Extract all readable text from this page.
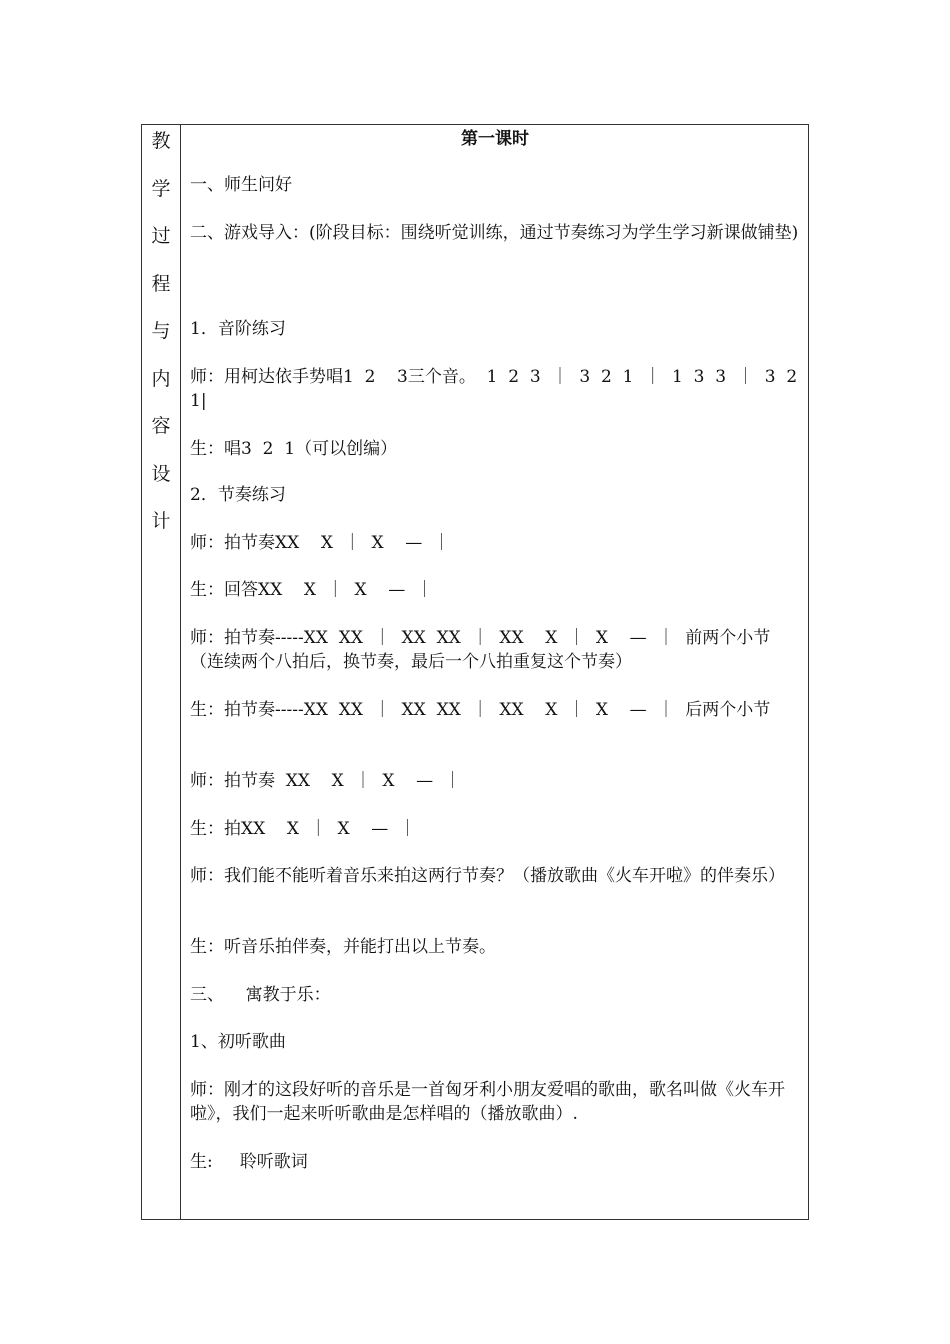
教
学
过
程
与
内
容
设
计
第一课时
一、师生问好
二、游戏导入：(阶段目标：围绕听觉训练，通过节奏练习为学生学习新课做铺垫)
1．音阶练习
师：用柯达依手势唱1  2    3三个音。  1  2  3  ｜  3  2  1  ｜  1  3  3  ｜  3  2  1|
生：唱3  2  1（可以创编）
2．节奏练习
师：拍节奏XX    X  ｜  X    —  ｜
生：回答XX    X  ｜  X    —  ｜
师：拍节奏-----XX  XX  ｜  XX  XX  ｜  XX    X  ｜  X    —  ｜  前两个小节（连续两个八拍后，换节奏，最后一个八拍重复这个节奏）
生：拍节奏-----XX  XX  ｜  XX  XX  ｜  XX    X  ｜  X    —  ｜  后两个小节
师：拍节奏  XX    X  ｜  X    —  ｜
生：拍XX    X  ｜  X    —  ｜
师：我们能不能听着音乐来拍这两行节奏？（播放歌曲《火车开啦》的伴奏乐）
生：听音乐拍伴奏，并能打出以上节奏。
三、    寓教于乐：
1、初听歌曲
师：刚才的这段好听的音乐是一首匈牙利小朋友爱唱的歌曲，歌名叫做《火车开啦》，我们一起来听听歌曲是怎样唱的（播放歌曲）.
生:     聆听歌词
